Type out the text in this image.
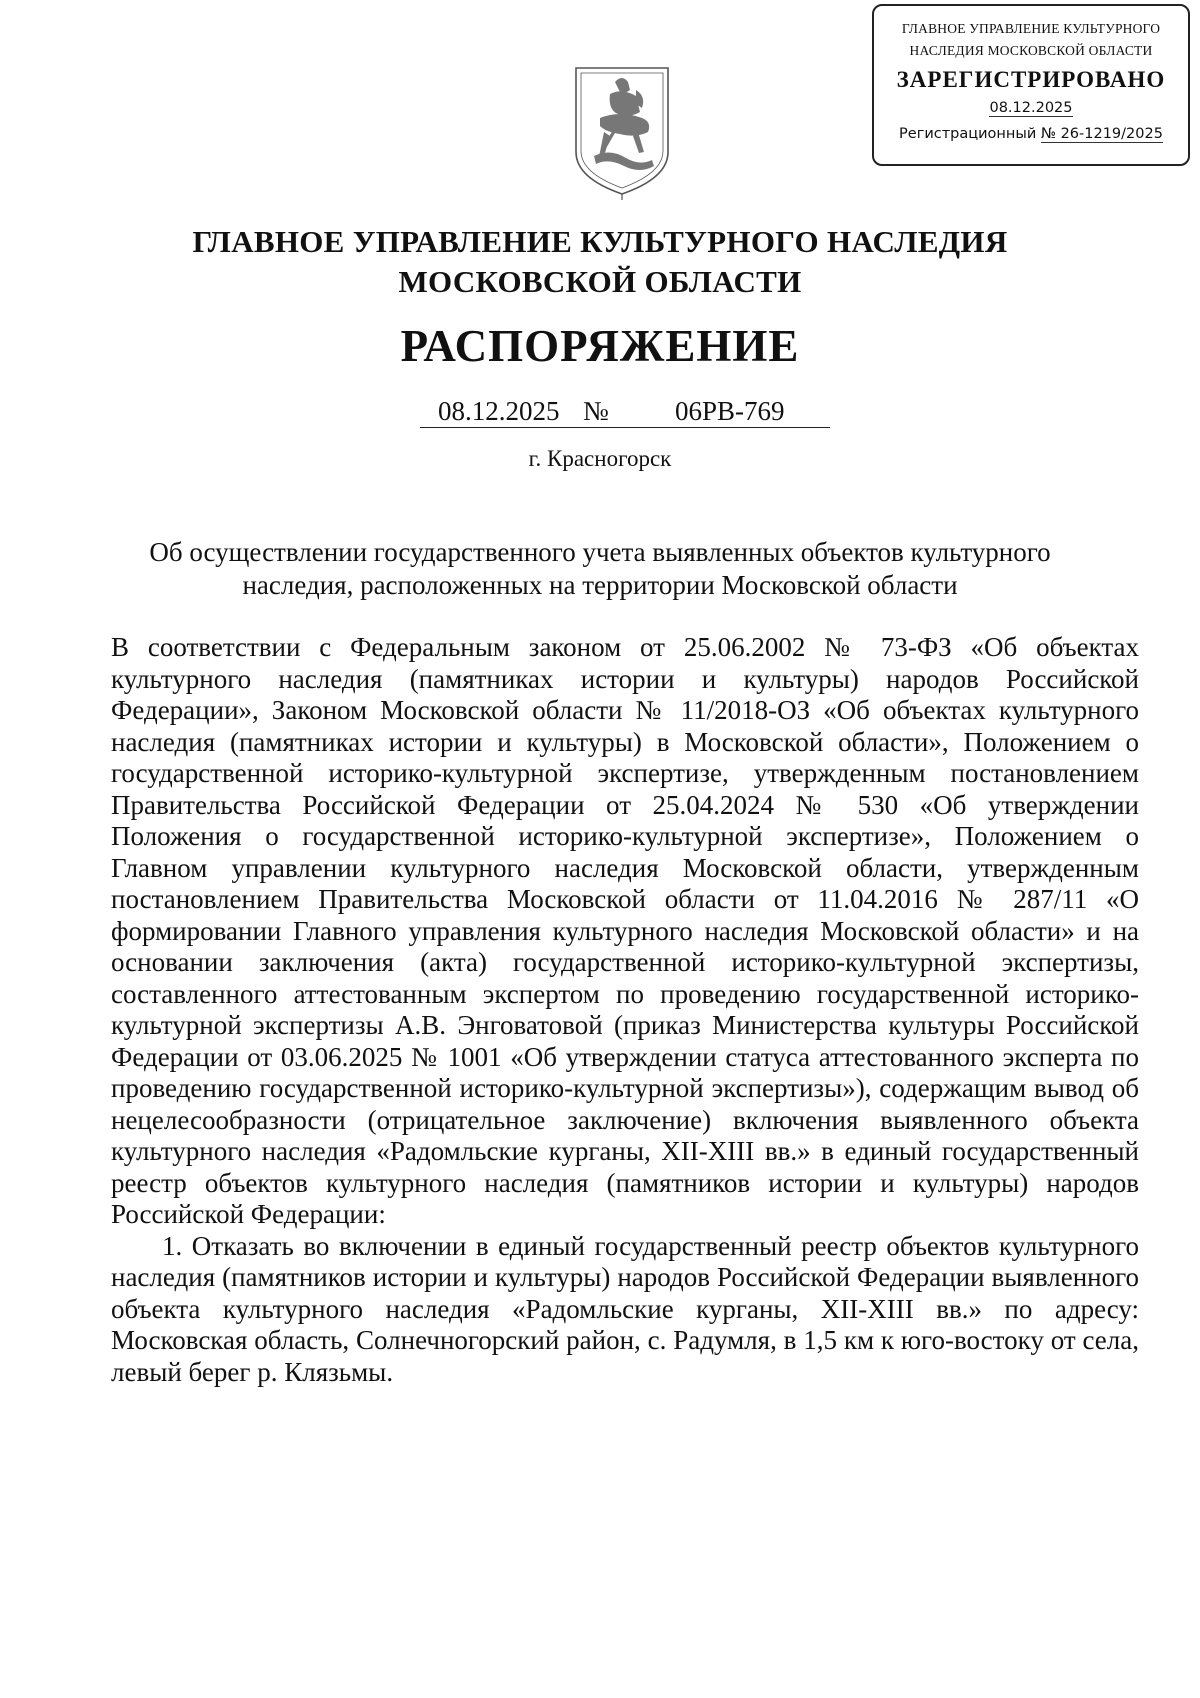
ГЛАВНОЕ УПРАВЛЕНИЕ КУЛЬТУРНОГО
НАСЛЕДИЯ МОСКОВСКОЙ ОБЛАСТИ
ЗАРЕГИСТРИРОВАНО
08.12.2025
Регистрационный № 26-1219/2025
ГЛАВНОЕ УПРАВЛЕНИЕ КУЛЬТУРНОГО НАСЛЕДИЯ
МОСКОВСКОЙ ОБЛАСТИ
РАСПОРЯЖЕНИЕ
08.12.2025 № 06РВ-769
г. Красногорск
Об осуществлении государственного учета выявленных объектов культурного
наследия, расположенных на территории Московской области

В соответствии с Федеральным законом от 25.06.2002 № 73-ФЗ «Об объектах культурного наследия (памятниках истории и культуры) народов Российской Федерации», Законом Московской области № 11/2018-ОЗ «Об объектах культурного наследия (памятниках истории и культуры) в Московской области», Положением о государственной историко-культурной экспертизе, утвержденным постановлением Правительства Российской Федерации от 25.04.2024 № 530 «Об утверждении Положения о государственной историко-культурной экспертизе», Положением о Главном управлении культурного наследия Московской области, утвержденным постановлением Правительства Московской области от 11.04.2016 № 287/11 «О формировании Главного управления культурного наследия Московской области» и на основании заключения (акта) государственной историко-культурной экспертизы, составленного аттестованным экспертом по проведению государственной историко-культурной экспертизы А.В. Энговатовой (приказ Министерства культуры Российской Федерации от 03.06.2025 № 1001 «Об утверждении статуса аттестованного эксперта по проведению государственной историко-культурной экспертизы»), содержащим вывод об нецелесообразности (отрицательное заключение) включения выявленного объекта культурного наследия «Радомльские курганы, XII-XIII вв.» в единый государственный реестр объектов культурного наследия (памятников истории и культуры) народов Российской Федерации:

1. Отказать во включении в единый государственный реестр объектов культурного наследия (памятников истории и культуры) народов Российской Федерации выявленного объекта культурного наследия «Радомльские курганы, XII-XIII вв.» по адресу: Московская область, Солнечногорский район, с. Радумля, в 1,5 км к юго-востоку от села, левый берег р. Клязьмы.
